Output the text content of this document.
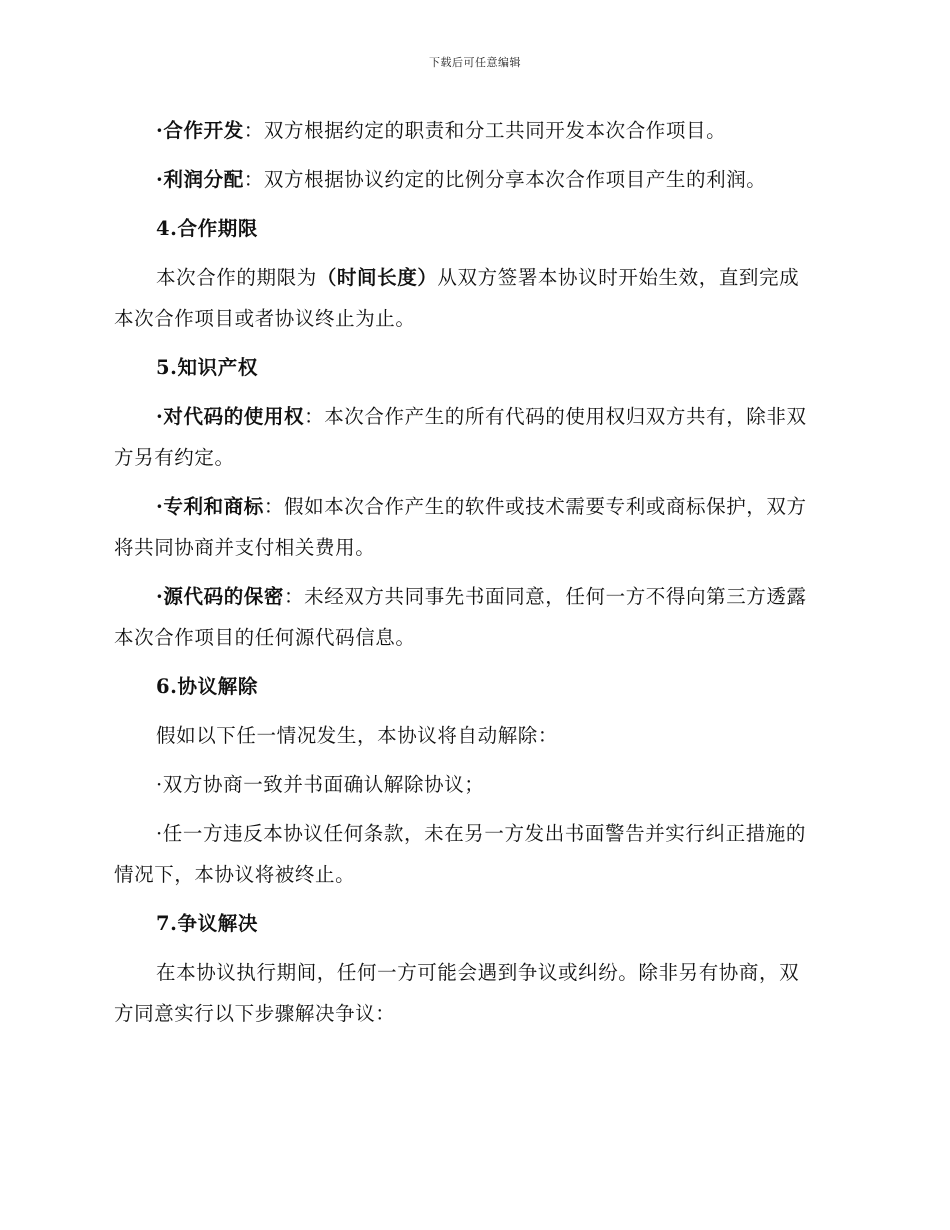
下载后可任意编辑

·合作开发：双方根据约定的职责和分工共同开发本次合作项目。

·利润分配：双方根据协议约定的比例分享本次合作项目产生的利润。

4.合作期限

本次合作的期限为（时间长度）从双方签署本协议时开始生效，直到完成本次合作项目或者协议终止为止。

5.知识产权

·对代码的使用权：本次合作产生的所有代码的使用权归双方共有，除非双方另有约定。

·专利和商标：假如本次合作产生的软件或技术需要专利或商标保护，双方将共同协商并支付相关费用。

·源代码的保密：未经双方共同事先书面同意，任何一方不得向第三方透露本次合作项目的任何源代码信息。

6.协议解除

假如以下任一情况发生，本协议将自动解除：

·双方协商一致并书面确认解除协议；

·任一方违反本协议任何条款，未在另一方发出书面警告并实行纠正措施的情况下，本协议将被终止。

7.争议解决

在本协议执行期间，任何一方可能会遇到争议或纠纷。除非另有协商，双方同意实行以下步骤解决争议：
